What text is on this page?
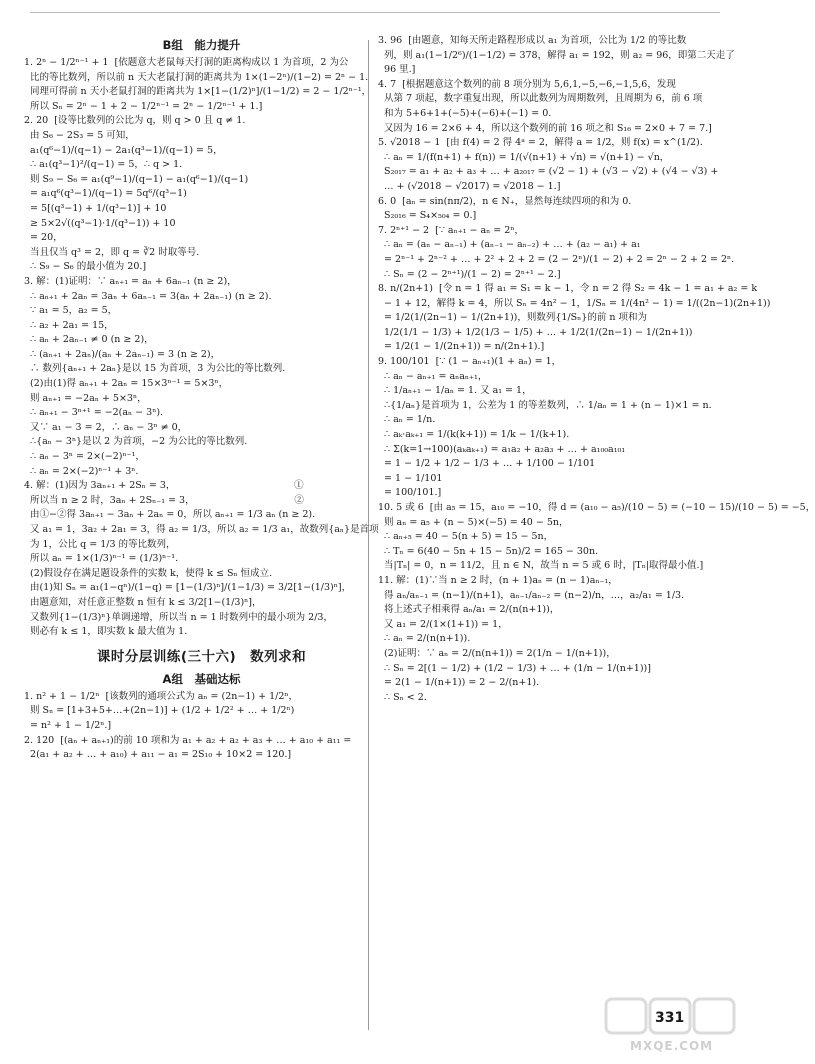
B组　能力提升
1. 2ⁿ − 1/2ⁿ⁻¹ + 1  [依题意大老鼠每天打洞的距离构成以 1 为首项，2 为公
比的等比数列，所以前 n 天大老鼠打洞的距离共为 1×(1−2ⁿ)/(1−2) = 2ⁿ − 1.
同理可得前 n 天小老鼠打洞的距离共为 1×[1−(1/2)ⁿ]/(1−1/2) = 2 − 1/2ⁿ⁻¹，
所以 Sₙ = 2ⁿ − 1 + 2 − 1/2ⁿ⁻¹ = 2ⁿ − 1/2ⁿ⁻¹ + 1.]
2. 20  [设等比数列的公比为 q，则 q > 0 且 q ≠ 1.
由 S₆ − 2S₃ = 5 可知，
a₁(q⁶−1)/(q−1) − 2a₁(q³−1)/(q−1) = 5，
∴ a₁(q³−1)²/(q−1) = 5，∴ q > 1.
则 S₉ − S₆ = a₁(q⁹−1)/(q−1) − a₁(q⁶−1)/(q−1)
= a₁q⁶(q³−1)/(q−1) = 5q⁶/(q³−1)
= 5[(q³−1) + 1/(q³−1)] + 10
≥ 5×2√((q³−1)·1/(q³−1)) + 10
= 20，
当且仅当 q³ = 2，即 q = ∛2 时取等号.
∴ S₉ − S₆ 的最小值为 20.]
3. 解：(1)证明：∵ aₙ₊₁ = aₙ + 6aₙ₋₁ (n ≥ 2)，
∴ aₙ₊₁ + 2aₙ = 3aₙ + 6aₙ₋₁ = 3(aₙ + 2aₙ₋₁) (n ≥ 2).
∵ a₁ = 5，a₂ = 5，
∴ a₂ + 2a₁ = 15，
∴ aₙ + 2aₙ₋₁ ≠ 0 (n ≥ 2)，
∴ (aₙ₊₁ + 2aₙ)/(aₙ + 2aₙ₋₁) = 3 (n ≥ 2)，
∴ 数列{aₙ₊₁ + 2aₙ}是以 15 为首项，3 为公比的等比数列.
(2)由(1)得 aₙ₊₁ + 2aₙ = 15×3ⁿ⁻¹ = 5×3ⁿ，
则 aₙ₊₁ = −2aₙ + 5×3ⁿ，
∴ aₙ₊₁ − 3ⁿ⁺¹ = −2(aₙ − 3ⁿ).
又∵ a₁ − 3 = 2，∴ aₙ − 3ⁿ ≠ 0，
∴{aₙ − 3ⁿ}是以 2 为首项，−2 为公比的等比数列.
∴ aₙ − 3ⁿ = 2×(−2)ⁿ⁻¹，
∴ aₙ = 2×(−2)ⁿ⁻¹ + 3ⁿ.
4. 解：(1)因为 3aₙ₊₁ + 2Sₙ = 3，　　　　　　　　　　　　　①
所以当 n ≥ 2 时，3aₙ + 2Sₙ₋₁ = 3，　　　　　　　　　　　②
由①−②得 3aₙ₊₁ − 3aₙ + 2aₙ = 0，所以 aₙ₊₁ = 1/3 aₙ (n ≥ 2).
又 a₁ = 1，3a₂ + 2a₁ = 3，得 a₂ = 1/3，所以 a₂ = 1/3 a₁，故数列{aₙ}是首项
为 1，公比 q = 1/3 的等比数列，
所以 aₙ = 1×(1/3)ⁿ⁻¹ = (1/3)ⁿ⁻¹.
(2)假设存在满足题设条件的实数 k，使得 k ≤ Sₙ 恒成立.
由(1)知 Sₙ = a₁(1−qⁿ)/(1−q) = [1−(1/3)ⁿ]/(1−1/3) = 3/2[1−(1/3)ⁿ]，
由题意知，对任意正整数 n 恒有 k ≤ 3/2[1−(1/3)ⁿ]，
又数列{1−(1/3)ⁿ}单调递增，所以当 n = 1 时数列中的最小项为 2/3，
则必有 k ≤ 1，即实数 k 最大值为 1.
课时分层训练(三十六)　数列求和
A组　基础达标
1. n² + 1 − 1/2ⁿ  [该数列的通项公式为 aₙ = (2n−1) + 1/2ⁿ，
则 Sₙ = [1+3+5+…+(2n−1)] + (1/2 + 1/2² + … + 1/2ⁿ)
= n² + 1 − 1/2ⁿ.]
2. 120  [(aₙ + aₙ₊₁)的前 10 项和为 a₁ + a₂ + a₂ + a₃ + … + a₁₀ + a₁₁ =
2(a₁ + a₂ + … + a₁₀) + a₁₁ − a₁ = 2S₁₀ + 10×2 = 120.]
3. 96  [由题意，知每天所走路程形成以 a₁ 为首项，公比为 1/2 的等比数
列，则 a₁(1−1/2⁶)/(1−1/2) = 378，解得 a₁ = 192，则 a₂ = 96，即第二天走了
96 里.]
4. 7  [根据题意这个数列的前 8 项分别为 5,6,1,−5,−6,−1,5,6，发现
从第 7 项起，数字重复出现，所以此数列为周期数列，且周期为 6，前 6 项
和为 5+6+1+(−5)+(−6)+(−1) = 0.
又因为 16 = 2×6 + 4，所以这个数列的前 16 项之和 S₁₆ = 2×0 + 7 = 7.]
5. √2018 − 1  [由 f(4) = 2 得 4ᵃ = 2，解得 a = 1/2，则 f(x) = x^(1/2).
∴ aₙ = 1/(f(n+1) + f(n)) = 1/(√(n+1) + √n) = √(n+1) − √n，
S₂₀₁₇ = a₁ + a₂ + a₃ + … + a₂₀₁₇ = (√2 − 1) + (√3 − √2) + (√4 − √3) +
… + (√2018 − √2017) = √2018 − 1.]
6. 0  [aₙ = sin(nπ/2)，n ∈ N₊，显然每连续四项的和为 0.
S₂₀₁₆ = S₄×₅₀₄ = 0.]
7. 2ⁿ⁺¹ − 2  [∵ aₙ₊₁ − aₙ = 2ⁿ，
∴ aₙ = (aₙ − aₙ₋₁) + (aₙ₋₁ − aₙ₋₂) + … + (a₂ − a₁) + a₁
= 2ⁿ⁻¹ + 2ⁿ⁻² + … + 2² + 2 + 2 = (2 − 2ⁿ)/(1 − 2) + 2 = 2ⁿ − 2 + 2 = 2ⁿ.
∴ Sₙ = (2 − 2ⁿ⁺¹)/(1 − 2) = 2ⁿ⁺¹ − 2.]
8. n/(2n+1)  [令 n = 1 得 a₁ = S₁ = k − 1，令 n = 2 得 S₂ = 4k − 1 = a₁ + a₂ = k
− 1 + 12，解得 k = 4，所以 Sₙ = 4n² − 1，1/Sₙ = 1/(4n² − 1) = 1/((2n−1)(2n+1))
= 1/2(1/(2n−1) − 1/(2n+1))，则数列{1/Sₙ}的前 n 项和为
1/2(1/1 − 1/3) + 1/2(1/3 − 1/5) + … + 1/2(1/(2n−1) − 1/(2n+1))
= 1/2(1 − 1/(2n+1)) = n/(2n+1).]
9. 100/101  [∵ (1 − aₙ₊₁)(1 + aₙ) = 1，
∴ aₙ − aₙ₊₁ = aₙaₙ₊₁，
∴ 1/aₙ₊₁ − 1/aₙ = 1. 又 a₁ = 1，
∴{1/aₙ}是首项为 1，公差为 1 的等差数列，∴ 1/aₙ = 1 + (n − 1)×1 = n.
∴ aₙ = 1/n.
∴ aₖ·aₖ₊₁ = 1/(k(k+1)) = 1/k − 1/(k+1).
∴ Σ(k=1→100)(aₖaₖ₊₁) = a₁a₂ + a₂a₃ + … + a₁₀₀a₁₀₁
= 1 − 1/2 + 1/2 − 1/3 + … + 1/100 − 1/101
= 1 − 1/101
= 100/101.]
10. 5 或 6  [由 a₅ = 15，a₁₀ = −10，得 d = (a₁₀ − a₅)/(10 − 5) = (−10 − 15)/(10 − 5) = −5，
则 aₙ = a₅ + (n − 5)×(−5) = 40 − 5n，
∴ aₙ₊₅ = 40 − 5(n + 5) = 15 − 5n，
∴ Tₙ = 6(40 − 5n + 15 − 5n)/2 = 165 − 30n.
当|Tₙ| = 0，n = 11/2，且 n ∈ N，故当 n = 5 或 6 时，|Tₙ|取得最小值.]
11. 解：(1)∵当 n ≥ 2 时，(n + 1)aₙ = (n − 1)aₙ₋₁，
得 aₙ/aₙ₋₁ = (n−1)/(n+1)，aₙ₋₁/aₙ₋₂ = (n−2)/n，…，a₂/a₁ = 1/3.
将上述式子相乘得 aₙ/a₁ = 2/(n(n+1))，
又 a₁ = 2/(1×(1+1)) = 1，
∴ aₙ = 2/(n(n+1)).
(2)证明：∵ aₙ = 2/(n(n+1)) = 2(1/n − 1/(n+1))，
∴ Sₙ = 2[(1 − 1/2) + (1/2 − 1/3) + … + (1/n − 1/(n+1))]
= 2(1 − 1/(n+1)) = 2 − 2/(n+1).
∴ Sₙ < 2.
MXQE.COM
331
